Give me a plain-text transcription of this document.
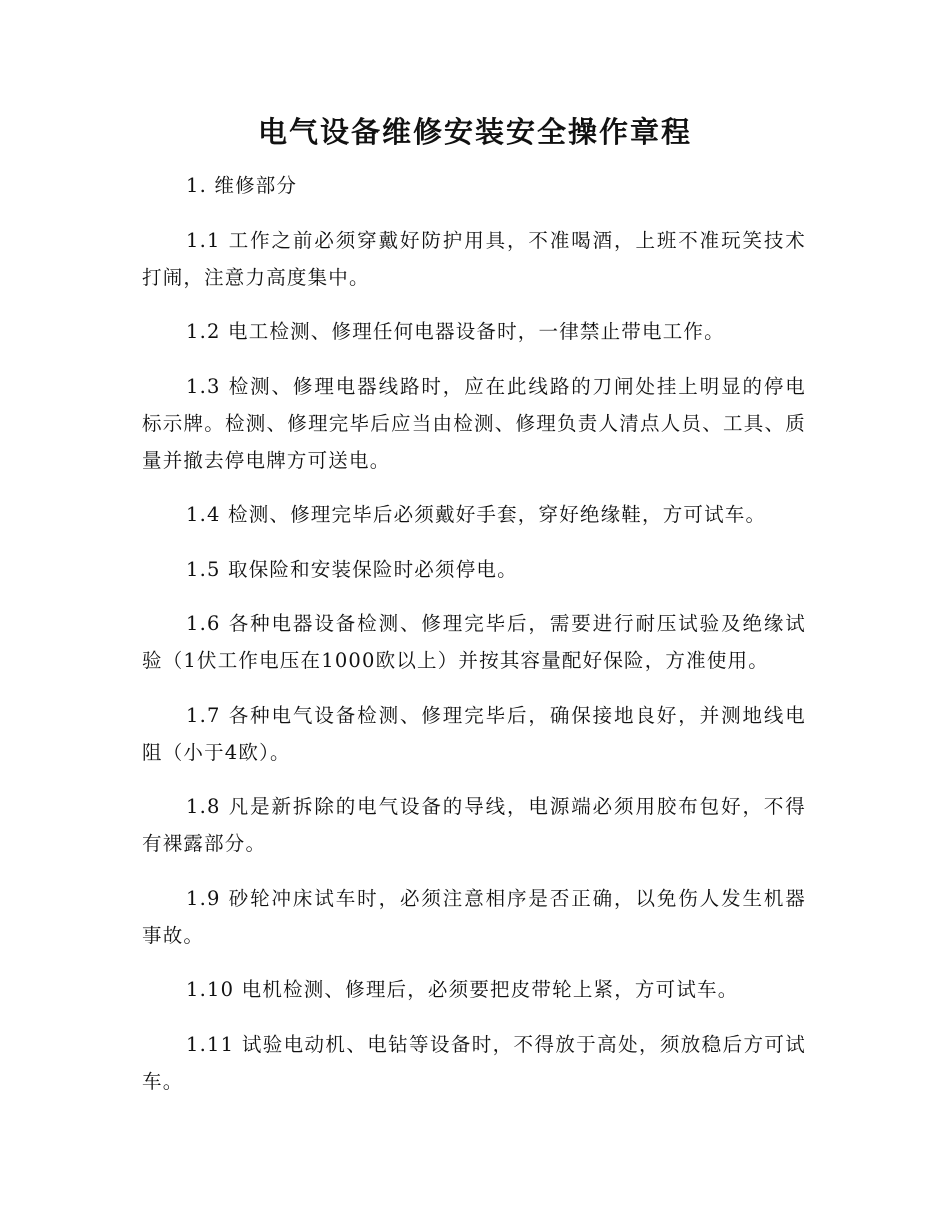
电气设备维修安装安全操作章程

1. 维修部分

1.1 工作之前必须穿戴好防护用具，不准喝酒，上班不准玩笑技术打闹，注意力高度集中。

1.2 电工检测、修理任何电器设备时，一律禁止带电工作。

1.3 检测、修理电器线路时，应在此线路的刀闸处挂上明显的停电标示牌。检测、修理完毕后应当由检测、修理负责人清点人员、工具、质量并撤去停电牌方可送电。

1.4 检测、修理完毕后必须戴好手套，穿好绝缘鞋，方可试车。

1.5 取保险和安装保险时必须停电。

1.6 各种电器设备检测、修理完毕后，需要进行耐压试验及绝缘试验（1伏工作电压在1000欧以上）并按其容量配好保险，方准使用。

1.7 各种电气设备检测、修理完毕后，确保接地良好，并测地线电阻（小于4欧）。

1.8 凡是新拆除的电气设备的导线，电源端必须用胶布包好，不得有裸露部分。

1.9 砂轮冲床试车时，必须注意相序是否正确，以免伤人发生机器事故。

1.10 电机检测、修理后，必须要把皮带轮上紧，方可试车。

1.11 试验电动机、电钻等设备时，不得放于高处，须放稳后方可试车。
